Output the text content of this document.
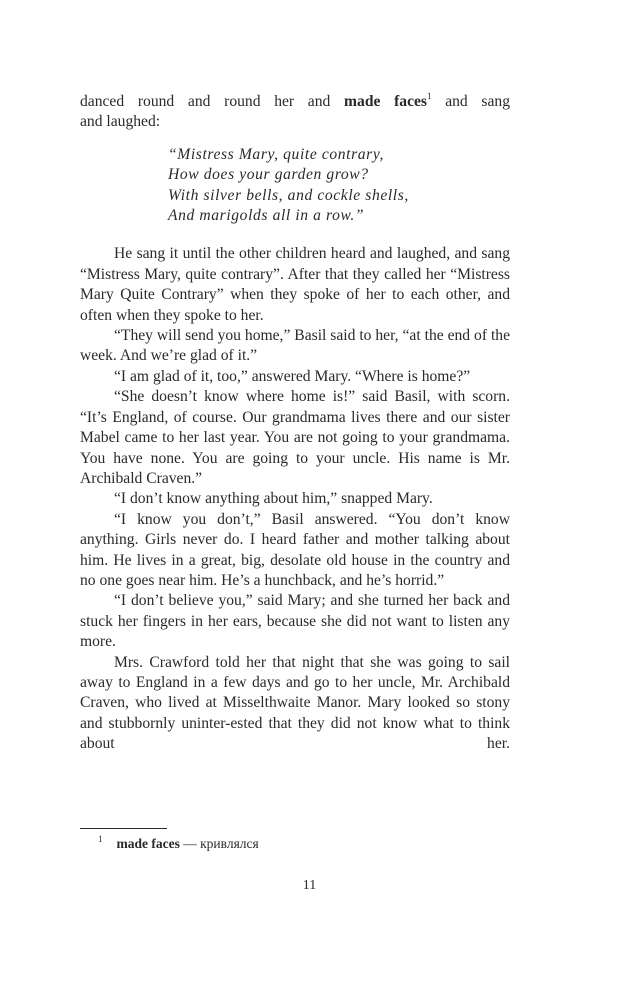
danced round and round her and made faces$^1$ and sang

and laughed:

“Mistress Mary, quite contrary,
How does your garden grow?
With silver bells, and cockle shells,
And marigolds all in a row.”

He sang it until the other children heard and laughed, and sang “Mistress Mary, quite contrary”. After that they called her “Mistress Mary Quite Contrary” when they spoke of her to each other, and often when they spoke to her.

“They will send you home,” Basil said to her, “at the end of the week. And we’re glad of it.”

“I am glad of it, too,” answered Mary. “Where is home?”

“She doesn’t know where home is!” said Basil, with scorn. “It’s England, of course. Our grandmama lives there and our sister Mabel came to her last year. You are not going to your grandmama. You have none. You are going to your uncle. His name is Mr. Archibald Craven.”

“I don’t know anything about him,” snapped Mary.

“I know you don’t,” Basil answered. “You don’t know anything. Girls never do. I heard father and mother talking about him. He lives in a great, big, desolate old house in the country and no one goes near him. He’s a hunchback, and he’s horrid.”

“I don’t believe you,” said Mary; and she turned her back and stuck her fingers in her ears, because she did not want to listen any more.

Mrs. Crawford told her that night that she was going to sail away to England in a few days and go to her uncle, Mr. Archibald Craven, who lived at Misselthwaite Manor. Mary looked so stony and stubbornly uninter-ested that they did not know what to think about her.

$^1$ made faces — кривлялся
11
